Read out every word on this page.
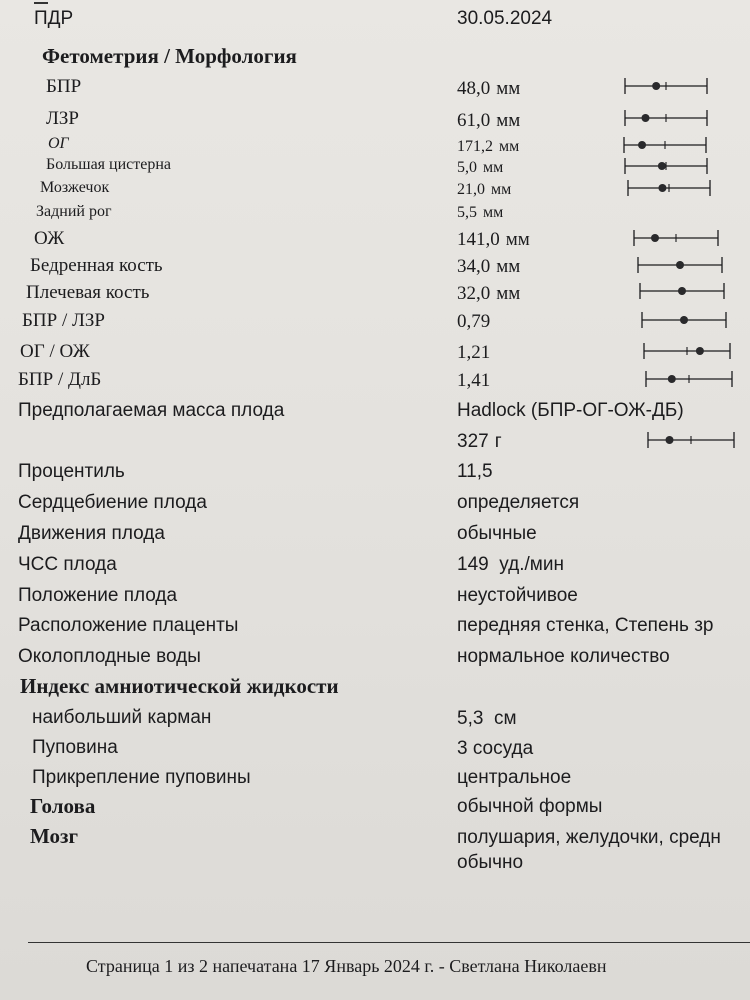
ПДР	30.05.2024
Фетометрия / Морфология
БПР	48,0 мм
ЛЗР	61,0 мм
ОГ	171,2 мм
Большая цистерна	5,0 мм
Мозжечок	21,0 мм
Задний рог	5,5 мм
ОЖ	141,0 мм
Бедренная кость	34,0 мм
Плечевая кость	32,0 мм
БПР / ЛЗР	0,79
ОГ / ОЖ	1,21
БПР / ДлБ	1,41
Предполагаемая масса плода	Hadlock (БПР-ОГ-ОЖ-ДБ)
327 г
Процентиль	11,5
Сердцебиение плода	определяется
Движения плода	обычные
ЧСС плода	149  уд./мин
Положение плода	неустойчивое
Расположение плаценты	передняя стенка, Степень зр
Околоплодные воды	нормальное количество
Индекс амниотической жидкости
наибольший карман	5,3  см
Пуповина	3 сосуда
Прикрепление пуповины	центральное
Голова	обычной формы
Мозг	полушария, желудочки, средн
обычно
Страница 1 из 2 напечатана 17 Январь 2024 г. - Светлана Николаевн
